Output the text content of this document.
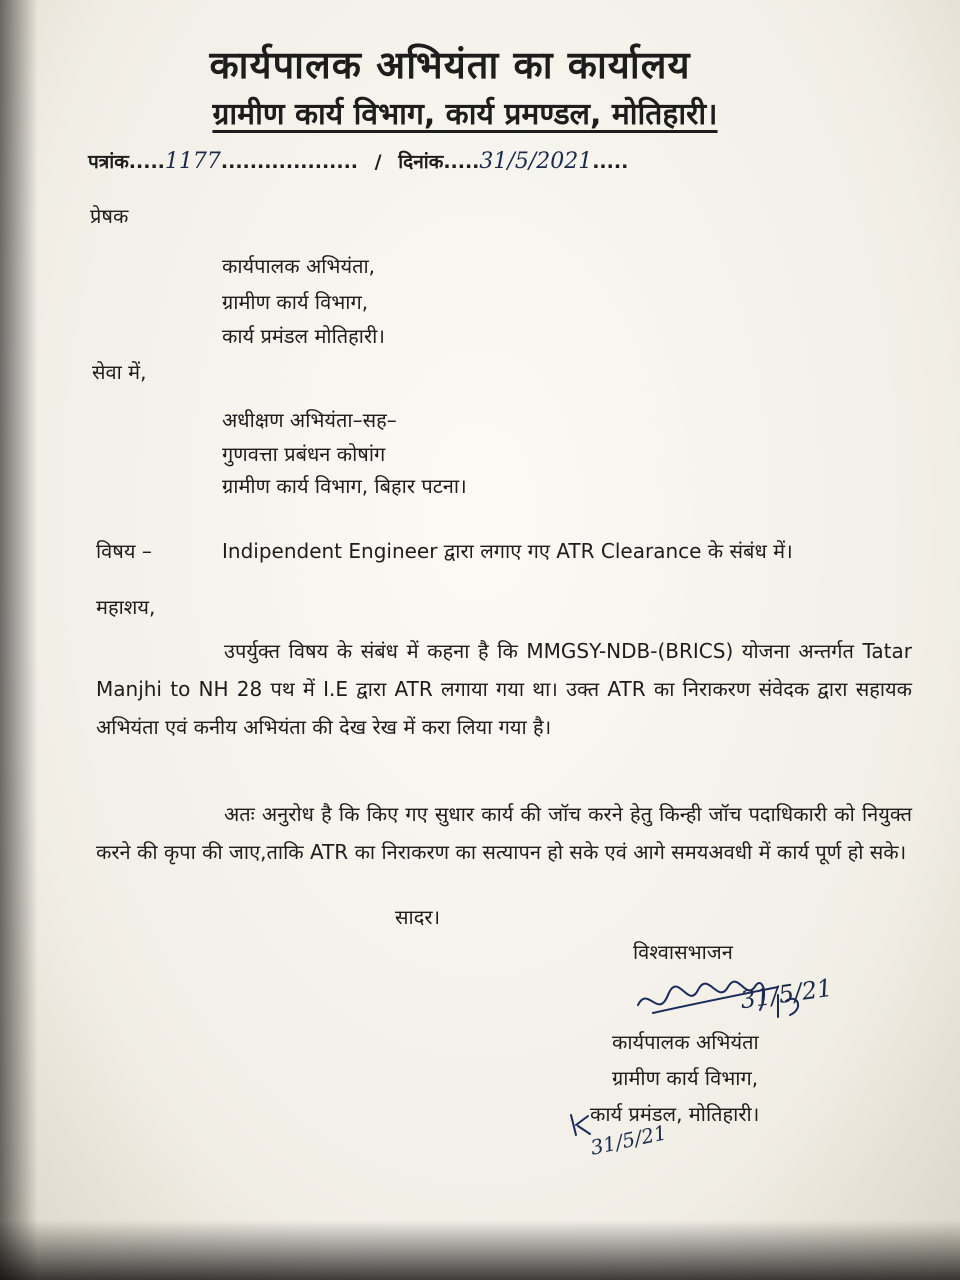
कार्यपालक अभियंता का कार्यालय
ग्रामीण कार्य विभाग, कार्य प्रमण्डल, मोतिहारी।
पत्रांक.....1177................... / दिनांक.....31/5/2021.....
प्रेषक
कार्यपालक अभियंता,
ग्रामीण कार्य विभाग,
कार्य प्रमंडल मोतिहारी।
सेवा में,
अधीक्षण अभियंता–सह–
गुणवत्ता प्रबंधन कोषांग
ग्रामीण कार्य विभाग, बिहार पटना।
विषय –	Indipendent Engineer द्वारा लगाए गए ATR Clearance के संबंध में।
महाशय,
उपर्युक्त विषय के संबंध में कहना है कि MMGSY-NDB-(BRICS) योजना अन्तर्गत Tatar Manjhi to NH 28 पथ में I.E द्वारा ATR लगाया गया था। उक्त ATR का निराकरण संवेदक द्वारा सहायक अभियंता एवं कनीय अभियंता की देख रेख में करा लिया गया है।
अतः अनुरोध है कि किए गए सुधार कार्य की जॉच करने हेतु किन्ही जॉच पदाधिकारी को नियुक्त करने की कृपा की जाए,ताकि ATR का निराकरण का सत्यापन हो सके एवं आगे समयअवधी में कार्य पूर्ण हो सके।
सादर।
विश्वासभाजन
31/5/21
कार्यपालक अभियंता
ग्रामीण कार्य विभाग,
कार्य प्रमंडल, मोतिहारी।
31/5/21
